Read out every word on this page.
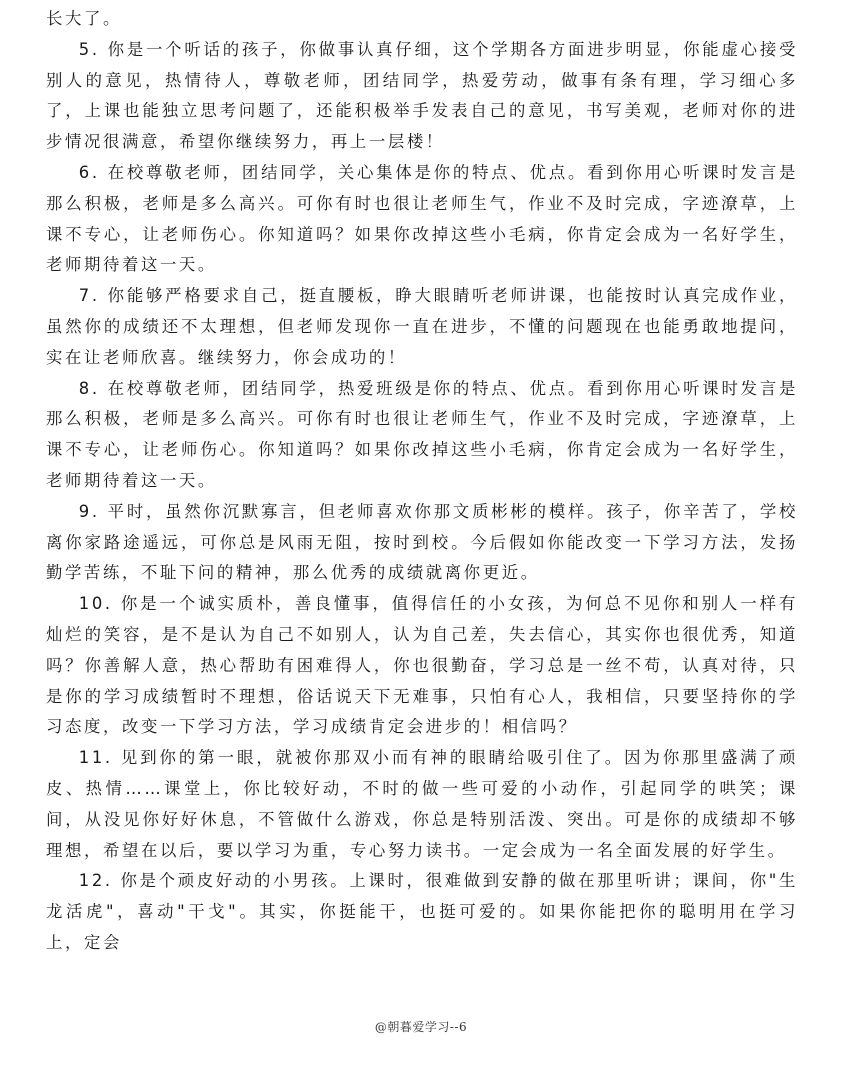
长大了。

5. 你是一个听话的孩子，你做事认真仔细，这个学期各方面进步明显，你能虚心接受别人的意见，热情待人，尊敬老师，团结同学，热爱劳动，做事有条有理，学习细心多了，上课也能独立思考问题了，还能积极举手发表自己的意见，书写美观，老师对你的进步情况很满意，希望你继续努力，再上一层楼！

6. 在校尊敬老师，团结同学，关心集体是你的特点、优点。看到你用心听课时发言是那么积极，老师是多么高兴。可你有时也很让老师生气，作业不及时完成，字迹潦草，上课不专心，让老师伤心。你知道吗？如果你改掉这些小毛病，你肯定会成为一名好学生，老师期待着这一天。

7. 你能够严格要求自己，挺直腰板，睁大眼睛听老师讲课，也能按时认真完成作业，虽然你的成绩还不太理想，但老师发现你一直在进步，不懂的问题现在也能勇敢地提问，实在让老师欣喜。继续努力，你会成功的！

8. 在校尊敬老师，团结同学，热爱班级是你的特点、优点。看到你用心听课时发言是那么积极，老师是多么高兴。可你有时也很让老师生气，作业不及时完成，字迹潦草，上课不专心，让老师伤心。你知道吗？如果你改掉这些小毛病，你肯定会成为一名好学生，老师期待着这一天。

9. 平时，虽然你沉默寡言，但老师喜欢你那文质彬彬的模样。孩子，你辛苦了，学校离你家路途遥远，可你总是风雨无阻，按时到校。今后假如你能改变一下学习方法，发扬勤学苦练，不耻下问的精神，那么优秀的成绩就离你更近。

10. 你是一个诚实质朴，善良懂事，值得信任的小女孩，为何总不见你和别人一样有灿烂的笑容，是不是认为自己不如别人，认为自己差，失去信心，其实你也很优秀，知道吗？你善解人意，热心帮助有困难得人，你也很勤奋，学习总是一丝不苟，认真对待，只是你的学习成绩暂时不理想，俗话说天下无难事，只怕有心人，我相信，只要坚持你的学习态度，改变一下学习方法，学习成绩肯定会进步的！相信吗？

11. 见到你的第一眼，就被你那双小而有神的眼睛给吸引住了。因为你那里盛满了顽皮、热情……课堂上，你比较好动，不时的做一些可爱的小动作，引起同学的哄笑；课间，从没见你好好休息，不管做什么游戏，你总是特别活泼、突出。可是你的成绩却不够理想，希望在以后，要以学习为重，专心努力读书。一定会成为一名全面发展的好学生。

12. 你是个顽皮好动的小男孩。上课时，很难做到安静的做在那里听讲；课间，你"生龙活虎"，喜动"干戈"。其实，你挺能干，也挺可爱的。如果你能把你的聪明用在学习上，定会

@朝暮爱学习--6
